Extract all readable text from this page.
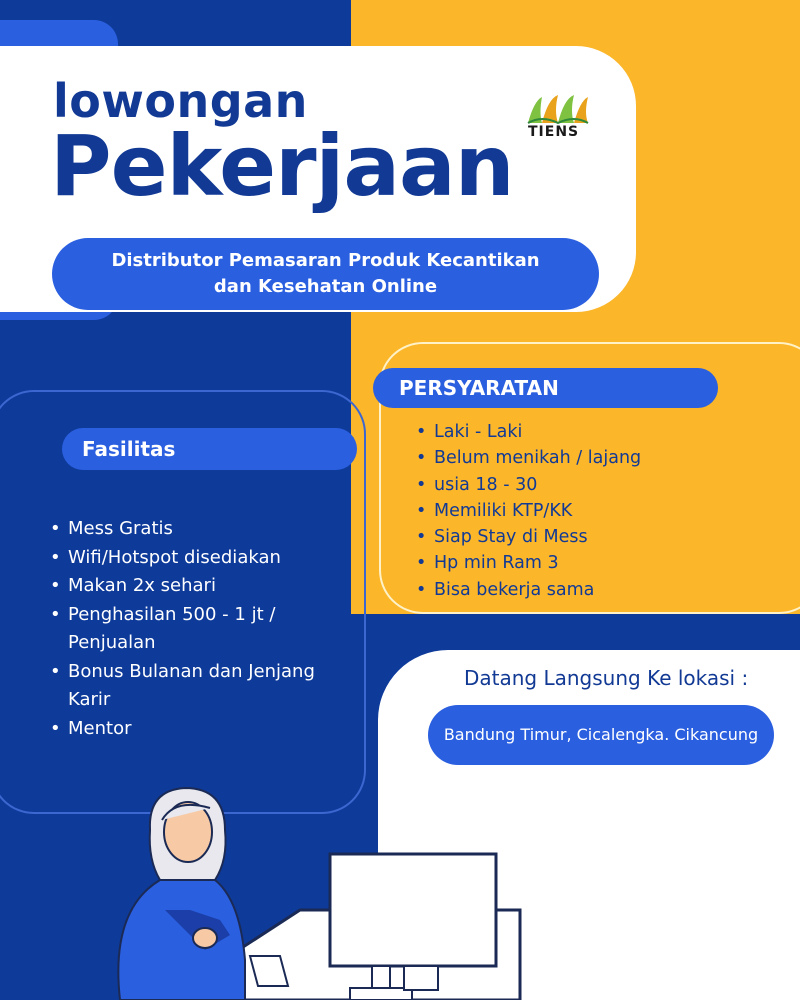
lowongan
Pekerjaan TIENS
Distributor Pemasaran Produk Kecantikan dan Kesehatan Online
Fasilitas
• Mess Gratis
• Wifi/Hotspot disediakan
• Makan 2x sehari
• Penghasilan 500 - 1 jt / Penjualan
• Bonus Bulanan dan Jenjang Karir
• Mentor
PERSYARATAN
• Laki - Laki
• Belum menikah / lajang
• usia 18 - 30
• Memiliki KTP/KK
• Siap Stay di Mess
• Hp min Ram 3
• Bisa bekerja sama
Datang Langsung Ke lokasi :
Bandung Timur, Cicalengka. Cikancung
